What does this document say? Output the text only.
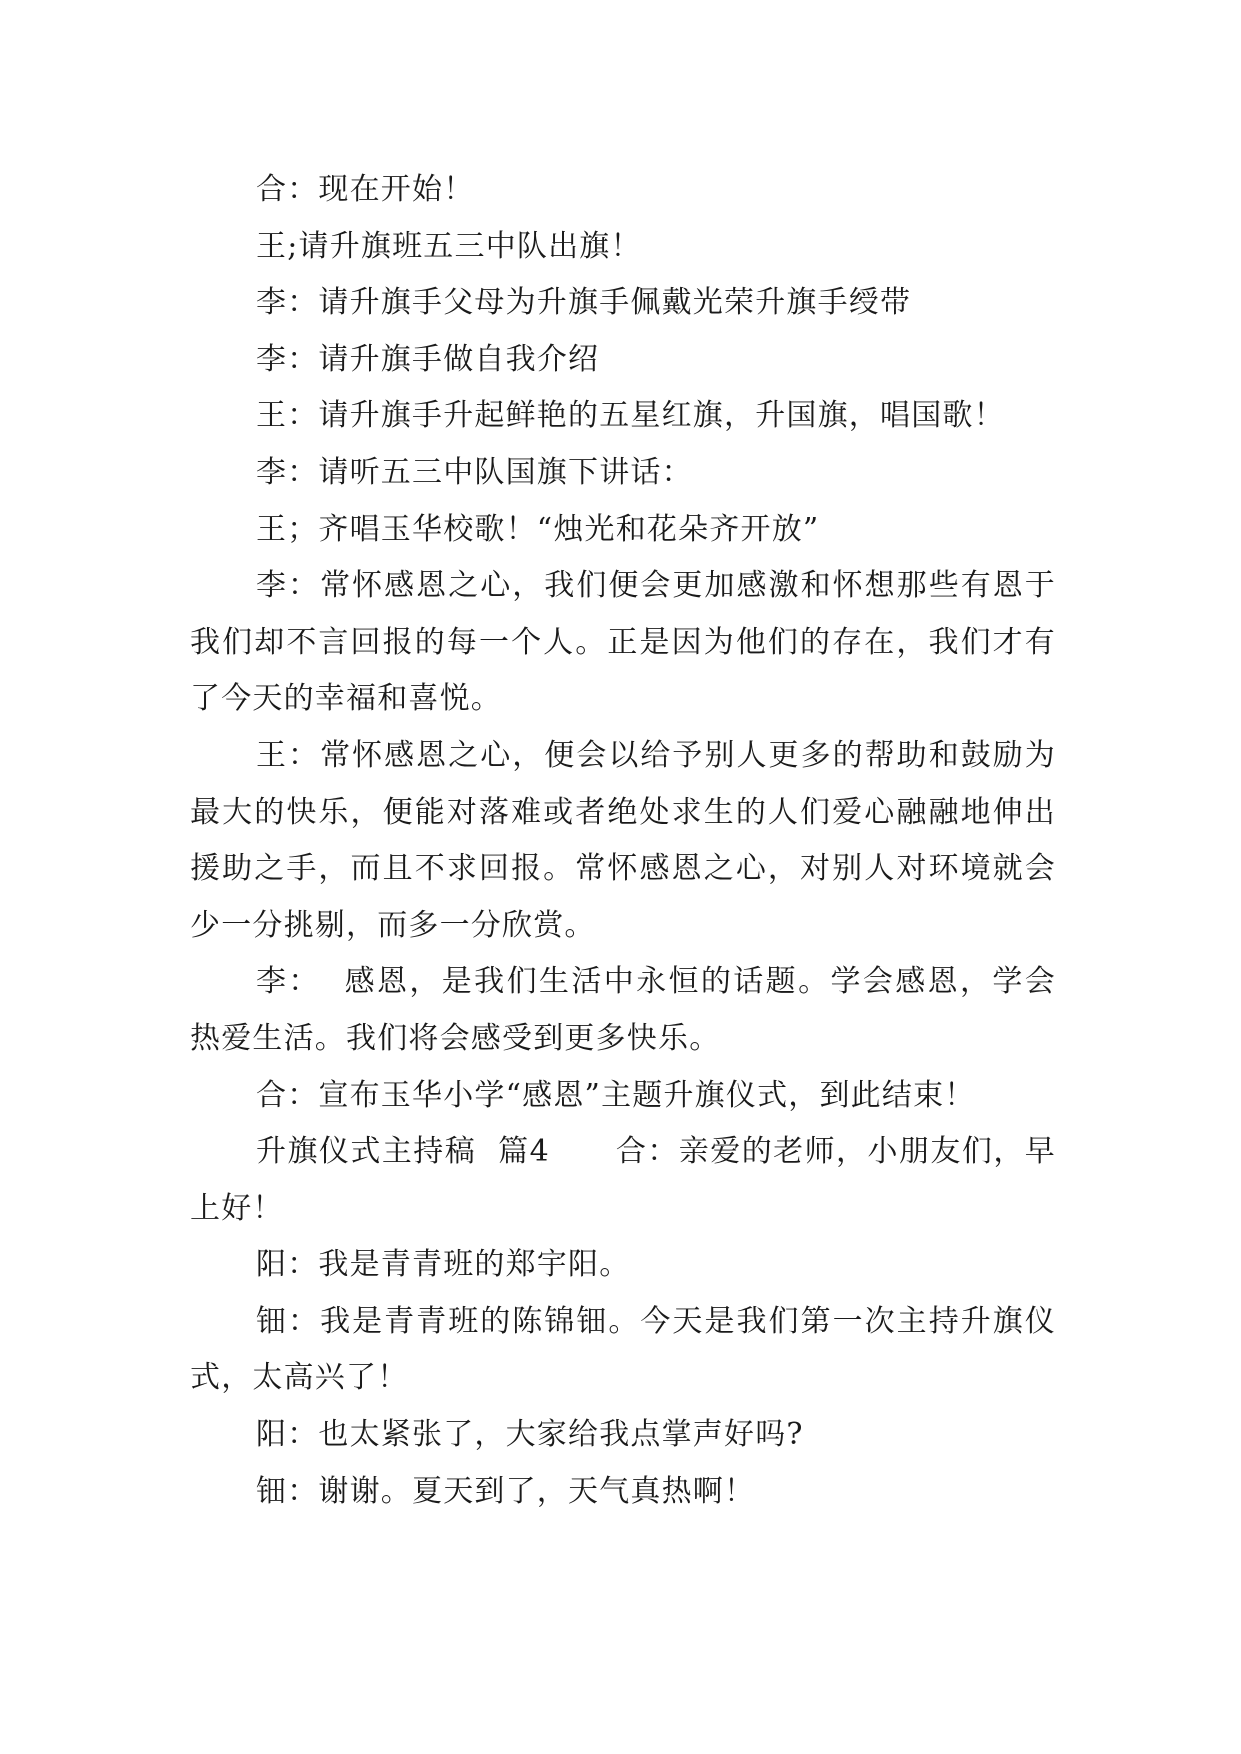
合：现在开始！

王;请升旗班五三中队出旗！

李：请升旗手父母为升旗手佩戴光荣升旗手绶带

李：请升旗手做自我介绍

王：请升旗手升起鲜艳的五星红旗，升国旗，唱国歌！

李：请听五三中队国旗下讲话：

王；齐唱玉华校歌！“烛光和花朵齐开放”

李：常怀感恩之心，我们便会更加感激和怀想那些有恩于我们却不言回报的每一个人。正是因为他们的存在，我们才有了今天的幸福和喜悦。

王：常怀感恩之心，便会以给予别人更多的帮助和鼓励为最大的快乐，便能对落难或者绝处求生的人们爱心融融地伸出援助之手，而且不求回报。常怀感恩之心，对别人对环境就会少一分挑剔，而多一分欣赏。

李：  感恩，是我们生活中永恒的话题。学会感恩，学会热爱生活。我们将会感受到更多快乐。

合：宣布玉华小学“感恩”主题升旗仪式，到此结束！

升旗仪式主持稿  篇4      合：亲爱的老师，小朋友们，早上好！

阳：我是青青班的郑宇阳。

钿：我是青青班的陈锦钿。今天是我们第一次主持升旗仪式，太高兴了！

阳：也太紧张了，大家给我点掌声好吗?

钿：谢谢。夏天到了，天气真热啊！
